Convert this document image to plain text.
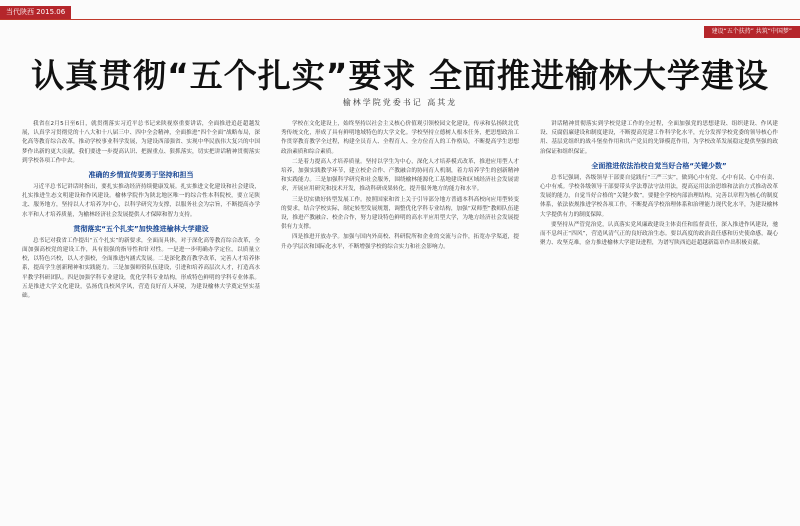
当代陕西 2015.06
建设“五个扶持” 共筑“中国梦”
认真贯彻“五个扎实”要求 全面推进榆林大学建设
榆林学院党委书记 高其龙

我省在2月5日至6日，就贯彻落实习近平总书记来陕视察重要讲话，全面推进追赶超越发展，认真学习贯彻党的十八大和十八届三中、四中全会精神，全面推进“四个全面”战略布局，深化高等教育综合改革，推动学校事业科学发展，为建设西部强省、实现中华民族伟大复兴的中国梦作出新的更大贡献，我们要进一步提高认识、把握重点、狠抓落实，切实把讲话精神贯彻落实到学校各项工作中去。

准确的乡情宣传要勇于坚持和担当

习近平总书记讲话时指出，要扎实推动经济持续健康发展。扎实推进文化建设和社会建设，扎实推进生态文明建设和作风建设。榆林学院作为陕北地区唯一的综合性本科院校，要立足陕北、服务地方，坚持以人才培养为中心，以科学研究为支撑，以服务社会为宗旨，不断提高办学水平和人才培养质量，为榆林经济社会发展提供人才保障和智力支持。

贯彻落实“五个扎实”加快推进榆林大学建设

总书记对我省工作提出“五个扎实”的新要求，全面而具体，对于深化高等教育综合改革，全面加强高校党的建设工作，具有很强的指导性和针对性。一是进一步明确办学定位，以质量立校，以特色兴校，以人才强校，全面推进内涵式发展。二是深化教育教学改革，完善人才培养体系，提高学生创新精神和实践能力。三是加强师资队伍建设，引进和培养高层次人才，打造高水平教学科研团队。四是加强学科专业建设，优化学科专业结构，形成特色鲜明的学科专业体系。五是推进大学文化建设，弘扬优良校风学风，营造良好育人环境，为建设榆林大学奠定坚实基础。

学校在文化建设上，始终坚持以社会主义核心价值观引领校园文化建设，传承和弘扬陕北优秀传统文化，形成了具有鲜明地域特色的大学文化。学校坚持立德树人根本任务，把思想政治工作贯穿教育教学全过程，构建全员育人、全程育人、全方位育人的工作格局，不断提高学生思想政治素质和综合素质。

二是着力提高人才培养质量。坚持以学生为中心，深化人才培养模式改革，推进应用型人才培养，加强实践教学环节，建立校企合作、产教融合的协同育人机制，着力培养学生的创新精神和实践能力。三是加强科学研究和社会服务，围绕榆林能源化工基地建设和区域经济社会发展需求，开展应用研究和技术开发，推动科研成果转化，提升服务地方的能力和水平。

三是切实做好转型发展工作。按照国家和省上关于引导部分地方普通本科高校向应用型转变的要求，结合学校实际，制定转型发展规划，调整优化学科专业结构，加强“双师型”教师队伍建设，推进产教融合、校企合作，努力建设特色鲜明的高水平应用型大学，为地方经济社会发展提供有力支撑。

四是推进开放办学。加强与国内外高校、科研院所和企业的交流与合作，拓宽办学渠道，提升办学层次和国际化水平，不断增强学校的综合实力和社会影响力。

讲话精神贯彻落实到学校党建工作的全过程，全面加强党的思想建设、组织建设、作风建设、反腐倡廉建设和制度建设，不断提高党建工作科学化水平，充分发挥学校党委的领导核心作用、基层党组织的战斗堡垒作用和共产党员的先锋模范作用，为学校改革发展稳定提供坚强的政治保证和组织保证。

全面推进依法治校自觉当好合格“关键少数”

总书记强调，各级领导干部要自觉践行“三严三实”，做到心中有党、心中有民、心中有责、心中有戒。学校各级领导干部要带头学法尊法守法用法，提高运用法治思维和法治方式推动改革发展的能力，自觉当好合格的“关键少数”。要健全学校内部治理结构，完善以章程为核心的制度体系，依法依规推进学校各项工作，不断提高学校治理体系和治理能力现代化水平，为建设榆林大学提供有力的制度保障。

要坚持从严管党治党，认真落实党风廉政建设主体责任和监督责任，深入推进作风建设，驰而不息纠正“四风”，营造风清气正的良好政治生态。要以高度的政治责任感和历史使命感，凝心聚力、攻坚克难，奋力推进榆林大学建设进程，为谱写陕西追赶超越新篇章作出积极贡献。
